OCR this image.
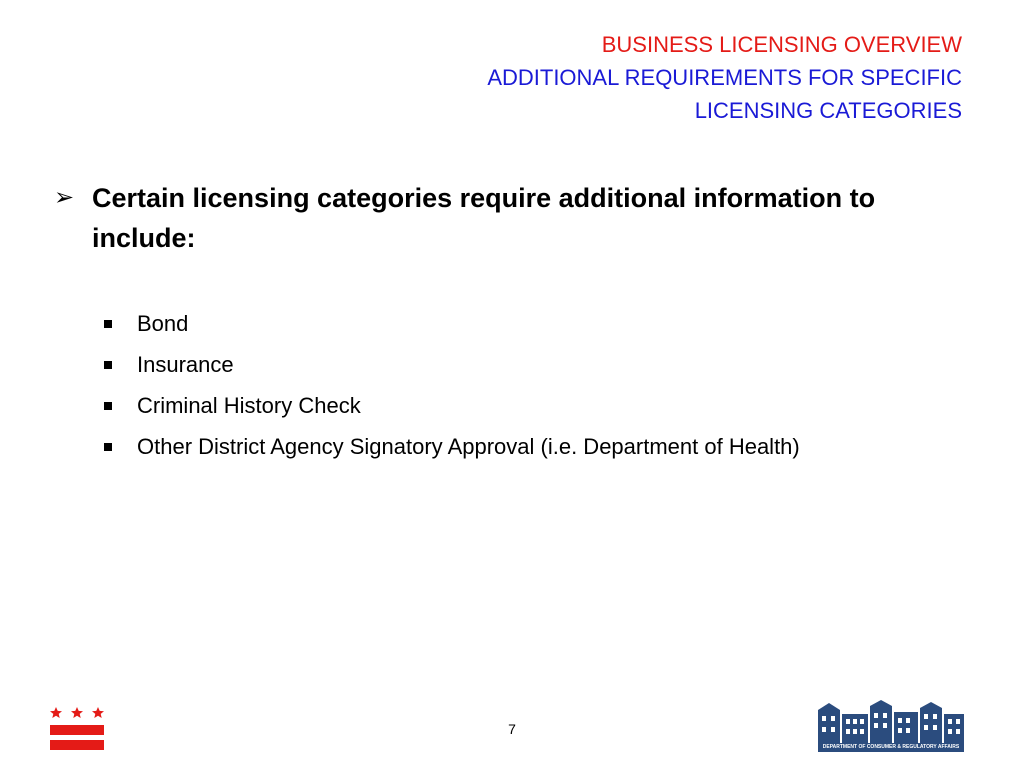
BUSINESS LICENSING OVERVIEW
ADDITIONAL REQUIREMENTS FOR SPECIFIC
LICENSING CATEGORIES
➢ Certain licensing categories require additional information to include:
Bond
Insurance
Criminal History Check
Other District Agency Signatory Approval (i.e. Department of Health)
7
DEPARTMENT OF CONSUMER & REGULATORY AFFAIRS
